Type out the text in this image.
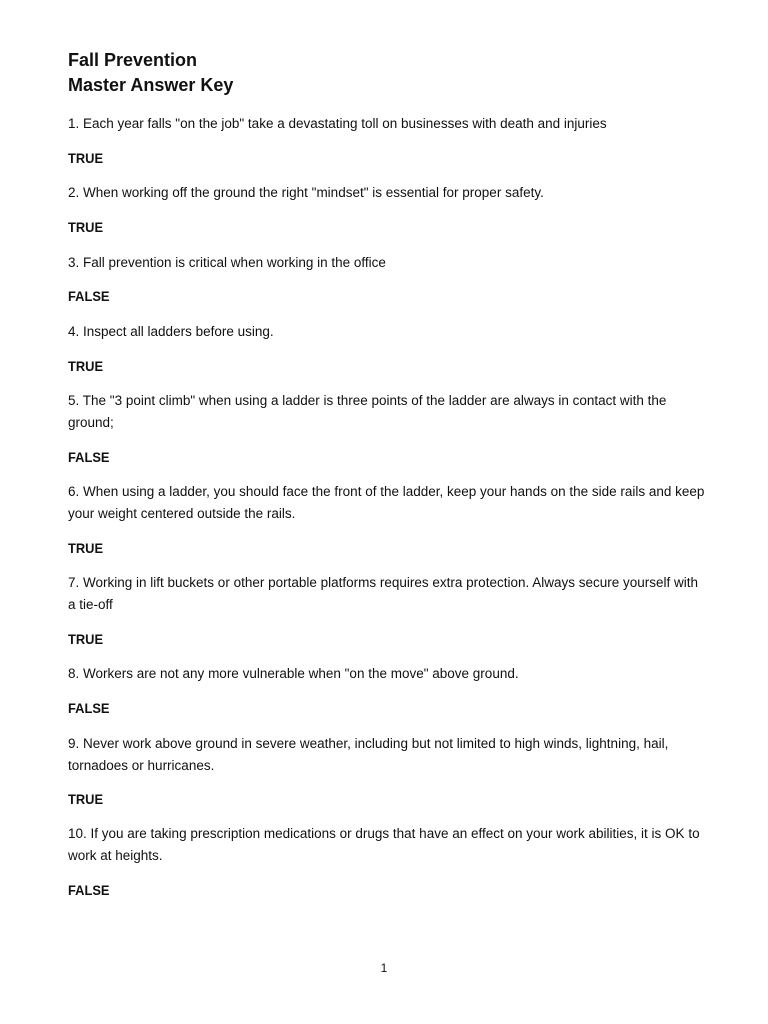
Fall Prevention
Master Answer Key
1. Each year falls "on the job" take a devastating toll on businesses with death and injuries
TRUE
2. When working off the ground the right "mindset" is essential for proper safety.
TRUE
3. Fall prevention is critical when working in the office
FALSE
4. Inspect all ladders before using.
TRUE
5. The "3 point climb" when using a ladder is three points of the ladder are always in contact with the ground;
FALSE
6. When using a ladder, you should face the front of the ladder, keep your hands on the side rails and keep your weight centered outside the rails.
TRUE
7. Working in lift buckets or other portable platforms requires extra protection. Always secure yourself with a tie-off
TRUE
8. Workers are not any more vulnerable when "on the move" above ground.
FALSE
9. Never work above ground in severe weather, including but not limited to high winds, lightning, hail, tornadoes or hurricanes.
TRUE
10. If you are taking prescription medications or drugs that have an effect on your work abilities, it is OK to work at heights.
FALSE
1
